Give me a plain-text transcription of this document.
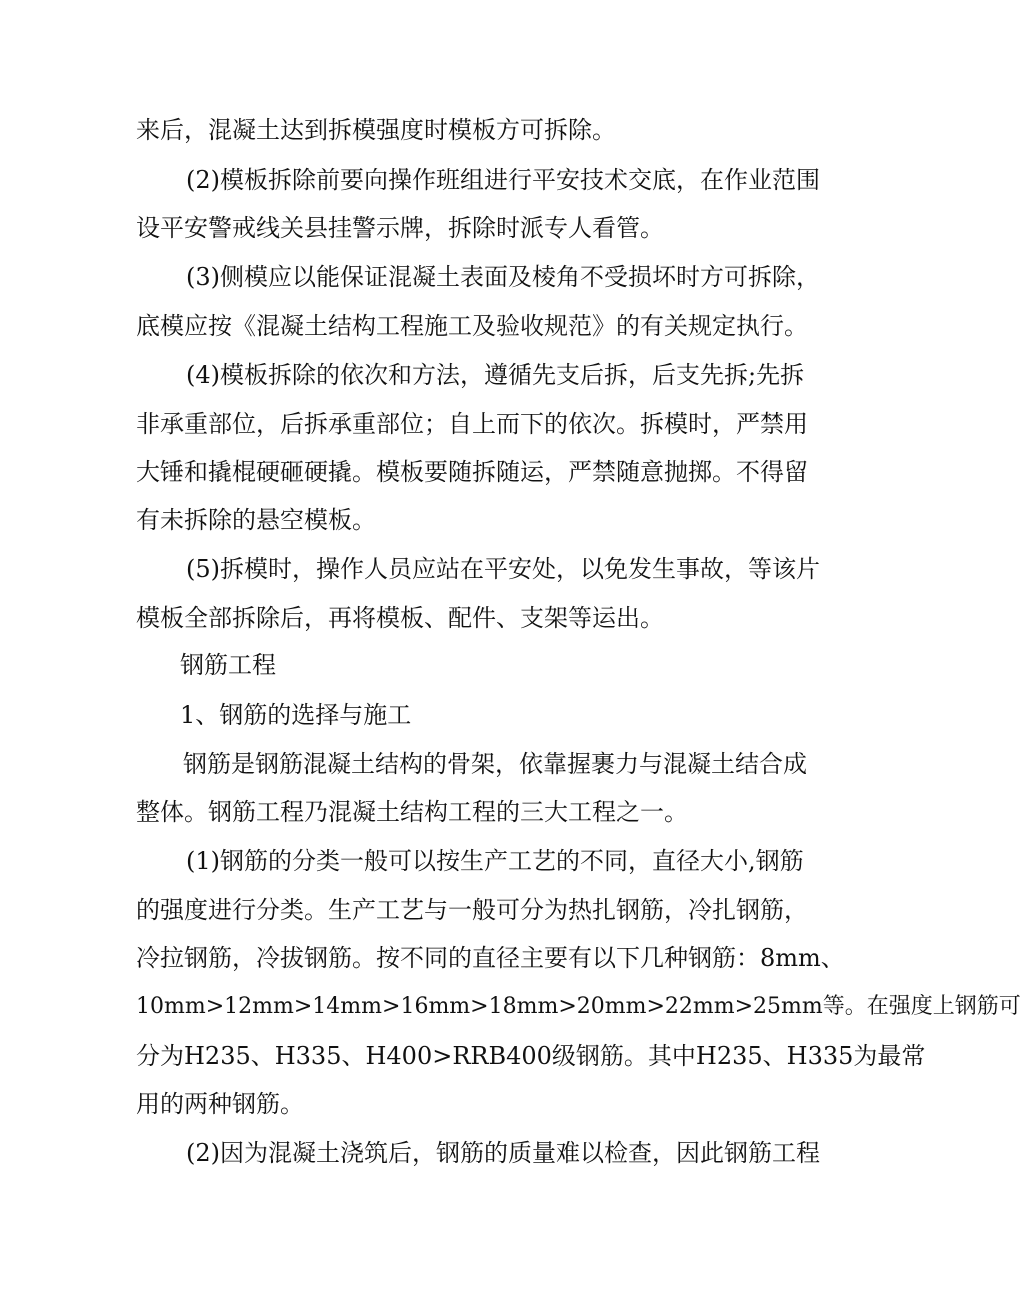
来后，混凝土达到拆模强度时模板方可拆除。

(2)模板拆除前要向操作班组进行平安技术交底，在作业范围

设平安警戒线关县挂警示牌，拆除时派专人看管。

(3)侧模应以能保证混凝土表面及棱角不受损坏时方可拆除，

底模应按《混凝土结构工程施工及验收规范》的有关规定执行。

(4)模板拆除的依次和方法，遵循先支后拆，后支先拆;先拆

非承重部位，后拆承重部位；自上而下的依次。拆模时，严禁用

大锤和撬棍硬砸硬撬。模板要随拆随运，严禁随意抛掷。不得留

有未拆除的悬空模板。

(5)拆模时，操作人员应站在平安处，以免发生事故，等该片

模板全部拆除后，再将模板、配件、支架等运出。

钢筋工程

1、钢筋的选择与施工

钢筋是钢筋混凝土结构的骨架，依靠握裹力与混凝土结合成

整体。钢筋工程乃混凝土结构工程的三大工程之一。

(1)钢筋的分类一般可以按生产工艺的不同，直径大小,钢筋

的强度进行分类。生产工艺与一般可分为热扎钢筋，冷扎钢筋，

冷拉钢筋，冷拔钢筋。按不同的直径主要有以下几种钢筋：8mm、

10mm>12mm>14mm>16mm>18mm>20mm>22mm>25mm等。在强度上钢筋可

分为H235、H335、H400>RRB400级钢筋。其中H235、H335为最常

用的两种钢筋。

(2)因为混凝土浇筑后，钢筋的质量难以检查，因此钢筋工程
